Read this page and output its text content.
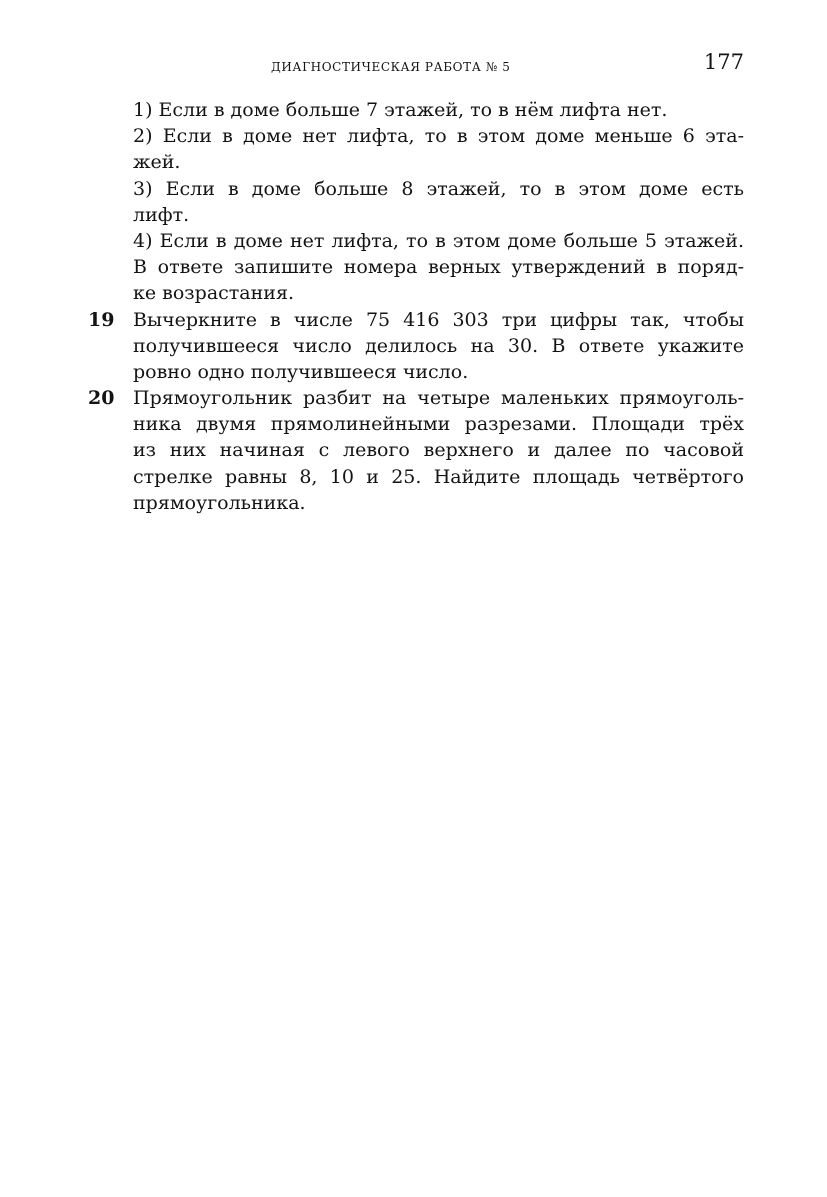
ДИАГНОСТИЧЕСКАЯ РАБОТА № 5	177
1) Если в доме больше 7 этажей, то в нём лифта нет.
2) Если в доме нет лифта, то в этом доме меньше 6 эта-
жей.
3) Если в доме больше 8 этажей, то в этом доме есть
лифт.
4) Если в доме нет лифта, то в этом доме больше 5 этажей.
В ответе запишите номера верных утверждений в поряд-
ке возрастания.
19 Вычеркните в числе 75 416 303 три цифры так, чтобы
получившееся число делилось на 30. В ответе укажите
ровно одно получившееся число.
20 Прямоугольник разбит на четыре маленьких прямоуголь-
ника двумя прямолинейными разрезами. Площади трёх
из них начиная с левого верхнего и далее по часовой
стрелке равны 8, 10 и 25. Найдите площадь четвёртого
прямоугольника.
